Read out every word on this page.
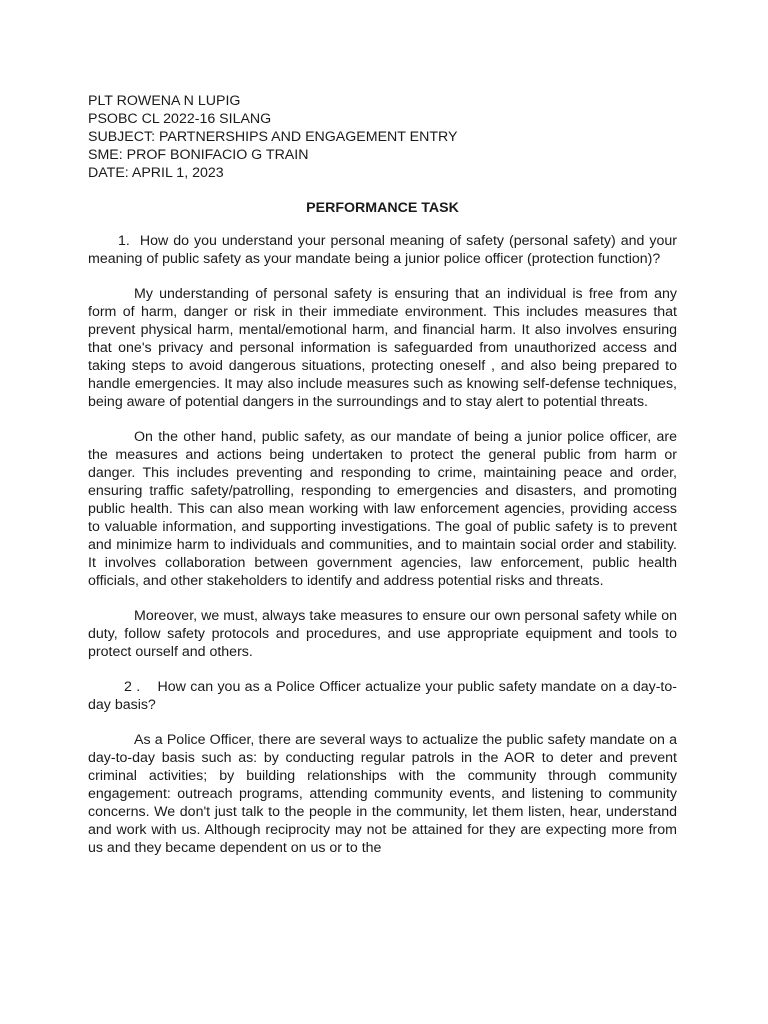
PLT ROWENA N LUPIG

PSOBC CL 2022-16 SILANG

SUBJECT: PARTNERSHIPS AND ENGAGEMENT ENTRY

SME: PROF BONIFACIO G TRAIN

DATE: APRIL 1, 2023

PERFORMANCE TASK

1. How do you understand your personal meaning of safety (personal safety) and your meaning of public safety as your mandate being a junior police officer (protection function)?

My understanding of personal safety is ensuring that an individual is free from any form of harm, danger or risk in their immediate environment. This includes measures that prevent physical harm, mental/emotional harm, and financial harm. It also involves ensuring that one's privacy and personal information is safeguarded from unauthorized access and taking steps to avoid dangerous situations, protecting oneself , and also being prepared to handle emergencies. It may also include measures such as knowing self-defense techniques, being aware of potential dangers in the surroundings and to stay alert to potential threats.

On the other hand, public safety, as our mandate of being a junior police officer, are the measures and actions being undertaken to protect the general public from harm or danger. This includes preventing and responding to crime, maintaining peace and order, ensuring traffic safety/patrolling, responding to emergencies and disasters, and promoting public health. This can also mean working with law enforcement agencies, providing access to valuable information, and supporting investigations. The goal of public safety is to prevent and minimize harm to individuals and communities, and to maintain social order and stability. It involves collaboration between government agencies, law enforcement, public health officials, and other stakeholders to identify and address potential risks and threats.

Moreover, we must, always take measures to ensure our own personal safety while on duty, follow safety protocols and procedures, and use appropriate equipment and tools to protect ourself and others.

2 . How can you as a Police Officer actualize your public safety mandate on a day-to-day basis?

As a Police Officer, there are several ways to actualize the public safety mandate on a day-to-day basis such as: by conducting regular patrols in the AOR to deter and prevent criminal activities; by building relationships with the community through community engagement: outreach programs, attending community events, and listening to community concerns. We don't just talk to the people in the community, let them listen, hear, understand and work with us. Although reciprocity may not be attained for they are expecting more from us and they became dependent on us or to the
